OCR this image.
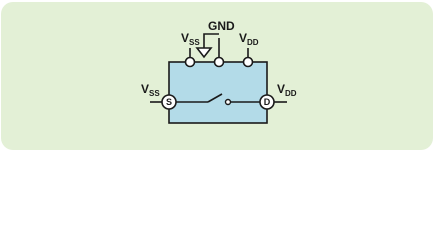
S	D
GND
$V_{SS}$	$V_{DD}$
$V_{SS}$	$V_{DD}$
